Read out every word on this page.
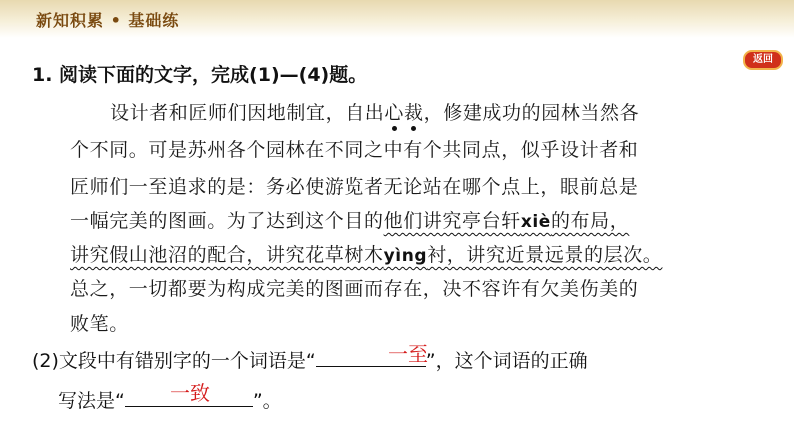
新知积累 • 基础练
返回
1. 阅读下面的文字，完成(1)—(4)题。
设计者和匠师们因地制宜，自出心裁，修建成功的园林当然各
个不同。可是苏州各个园林在不同之中有个共同点，似乎设计者和
匠师们一至追求的是：务必使游览者无论站在哪个点上，眼前总是
一幅完美的图画。为了达到这个目的他们讲究亭台轩xiè的布局，
讲究假山池沼的配合，讲究花草树木yìng衬，讲究近景远景的层次。
总之，一切都要为构成完美的图画而存在，决不容许有欠美伤美的
败笔。
(2)文段中有错别字的一个词语是“	”，这个词语的正确
一至
写法是“	”。
一致
